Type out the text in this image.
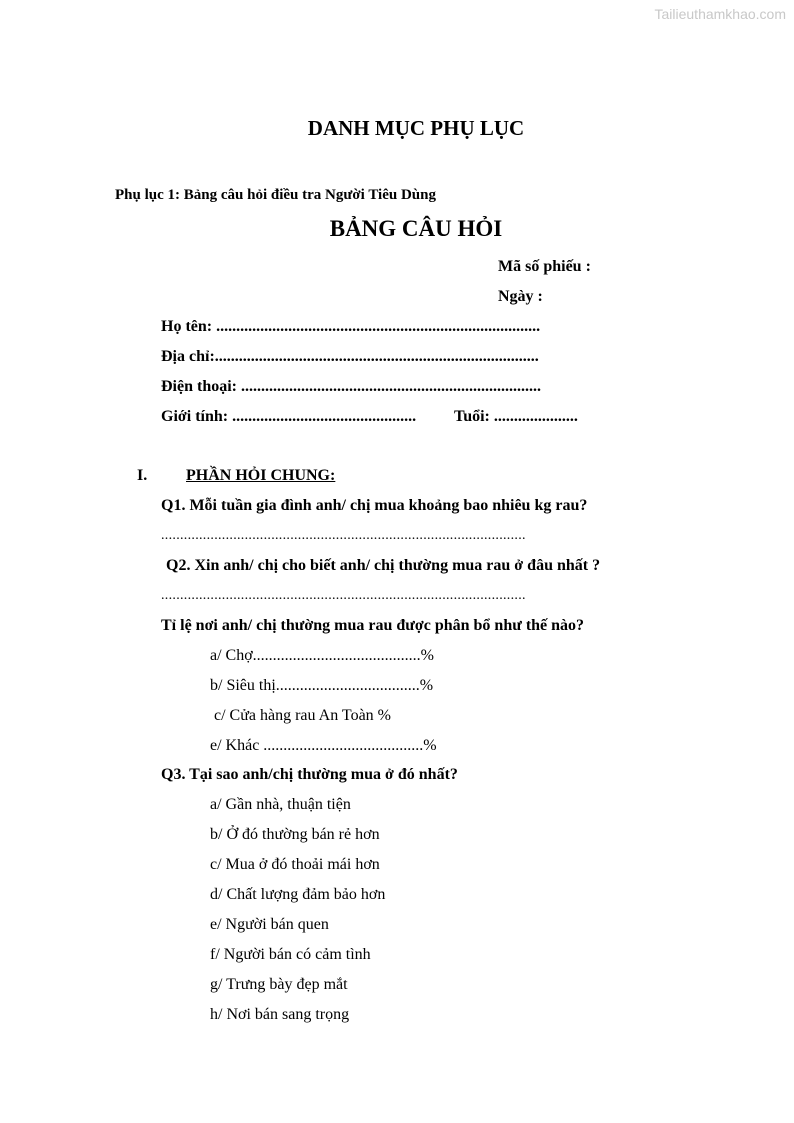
Tailieuthamkhao.com
DANH MỤC PHỤ LỤC
Phụ lục 1: Bảng câu hỏi điều tra Người Tiêu Dùng
BẢNG CÂU HỎI
Mã số phiếu :
Ngày :
Họ tên: .................................................................................
Địa chỉ:.................................................................................
Điện thoại: ...........................................................................
Giới tính: .............................................. Tuổi: .....................
I. PHẦN HỎI CHUNG:
Q1. Mỗi tuần gia đình anh/ chị mua khoảng bao nhiêu kg rau?
................................................................................................
Q2. Xin anh/ chị cho biết anh/ chị thường mua rau ở đâu nhất ?
................................................................................................
Tỉ lệ nơi anh/ chị thường mua rau được phân bổ như thế nào?
a/ Chợ..........................................%
b/ Siêu thị....................................%
c/ Cửa hàng rau An Toàn %
e/ Khác ........................................%
Q3. Tại sao anh/chị thường mua ở đó nhất?
a/ Gần nhà, thuận tiện
b/ Ở đó thường bán rẻ hơn
c/ Mua ở đó thoải mái hơn
d/ Chất lượng đảm bảo hơn
e/ Người bán quen
f/ Người bán có cảm tình
g/ Trưng bày đẹp mắt
h/ Nơi bán sang trọng
